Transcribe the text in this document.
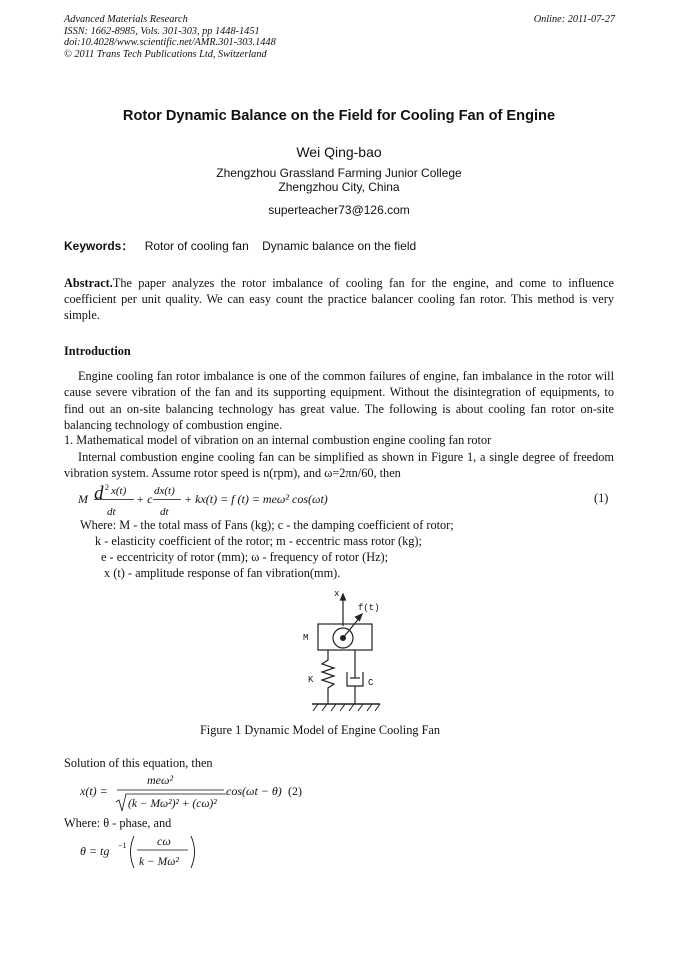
Advanced Materials Research
ISSN: 1662-8985, Vols. 301-303, pp 1448-1451
doi:10.4028/www.scientific.net/AMR.301-303.1448
© 2011 Trans Tech Publications Ltd, Switzerland
Online: 2011-07-27
Rotor Dynamic Balance on the Field for Cooling Fan of Engine
Wei Qing-bao
Zhengzhou Grassland Farming Junior College
Zhengzhou City, China
superteacher73@126.com
Keywords： Rotor of cooling fan Dynamic balance on the field
Abstract.The paper analyzes the rotor imbalance of cooling fan for the engine, and come to influence coefficient per unit quality. We can easy count the practice balancer cooling fan rotor. This method is very simple.
Introduction
Engine cooling fan rotor imbalance is one of the common failures of engine, fan imbalance in the rotor will cause severe vibration of the fan and its supporting equipment. Without the disintegration of equipments, to find out an on-site balancing technology has great value. The following is about cooling fan rotor on-site balancing technology of combustion engine.
1. Mathematical model of vibration on an internal combustion engine cooling fan rotor
Internal combustion engine cooling fan can be simplified as shown in Figure 1, a single degree of freedom vibration system. Assume rotor speed is n(rpm), and ω=2πn/60, then
M d 2 x(t)
dt
+ c
dx(t)
dt
+ kx(t) = f (t) = meω² cos(ωt)	(1)
Where: M - the total mass of Fans (kg); c - the damping coefficient of rotor;
k - elasticity coefficient of the rotor; m - eccentric mass rotor (kg);
e - eccentricity of rotor (mm); ω - frequency of rotor (Hz);
x (t) - amplitude response of fan vibration(mm).
x
f(t)
M
K	C
Figure 1 Dynamic Model of Engine Cooling Fan
Solution of this equation, then
x(t) =
meω²
(k − Mω²)² + (cω)²
cos(ωt − θ) (2)
Where: θ - phase, and
θ = tg −1	cω
k − Mω²
